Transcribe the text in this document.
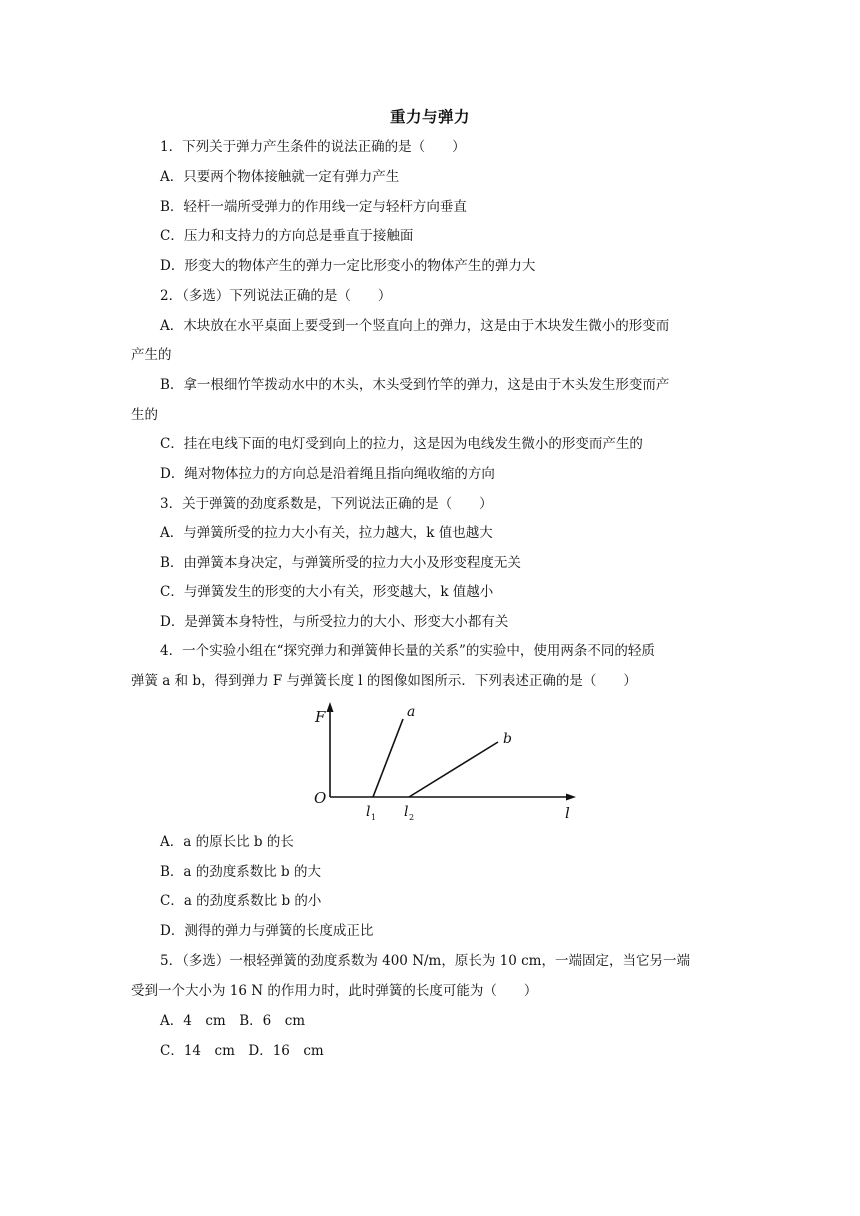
重力与弹力
1．下列关于弹力产生条件的说法正确的是（　　）
A．只要两个物体接触就一定有弹力产生
B．轻杆一端所受弹力的作用线一定与轻杆方向垂直
C．压力和支持力的方向总是垂直于接触面
D．形变大的物体产生的弹力一定比形变小的物体产生的弹力大
2．（多选）下列说法正确的是（　　）
A．木块放在水平桌面上要受到一个竖直向上的弹力，这是由于木块发生微小的形变而
产生的
B．拿一根细竹竿拨动水中的木头，木头受到竹竿的弹力，这是由于木头发生形变而产
生的
C．挂在电线下面的电灯受到向上的拉力，这是因为电线发生微小的形变而产生的
D．绳对物体拉力的方向总是沿着绳且指向绳收缩的方向
3．关于弹簧的劲度系数是，下列说法正确的是（　　）
A．与弹簧所受的拉力大小有关，拉力越大，k 值也越大
B．由弹簧本身决定，与弹簧所受的拉力大小及形变程度无关
C．与弹簧发生的形变的大小有关，形变越大，k 值越小
D．是弹簧本身特性，与所受拉力的大小、形变大小都有关
4．一个实验小组在“探究弹力和弹簧伸长量的关系”的实验中，使用两条不同的轻质
弹簧 a 和 b，得到弹力 F 与弹簧长度 l 的图像如图所示．下列表述正确的是（　　）
F
O
l
a
b
l 1 l 2
A．a 的原长比 b 的长
B．a 的劲度系数比 b 的大
C．a 的劲度系数比 b 的小
D．测得的弹力与弹簧的长度成正比
5．（多选）一根轻弹簧的劲度系数为 400 N/m，原长为 10 cm，一端固定，当它另一端
受到一个大小为 16 N 的作用力时，此时弹簧的长度可能为（　　）
A．4　cm　B．6　cm
C．14　cm　D．16　cm
